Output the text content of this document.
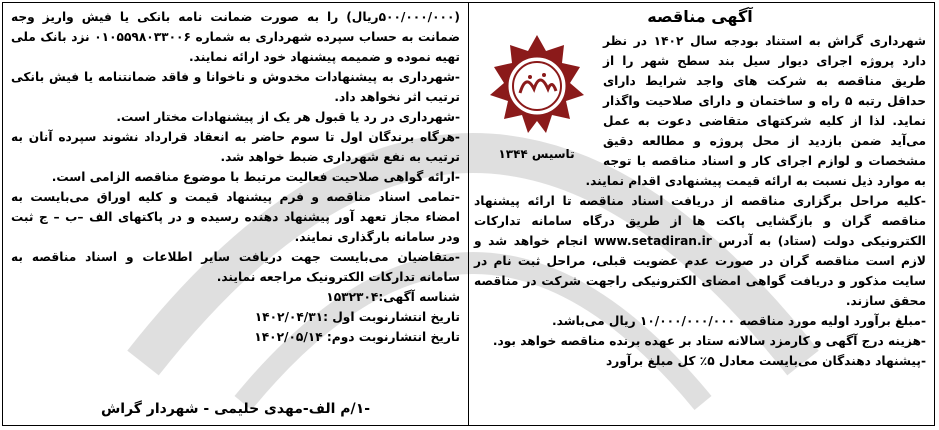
آگهی مناقصه
تاسیس ۱۳۴۴

شهرداری گراش به استناد بودجه سال ۱۴۰۲ در نظر دارد پروژه اجرای دیوار سیل بند سطح شهر را از طریق مناقصه به شرکت های واجد شرایط دارای حداقل رتبه ۵ راه و ساختمان و دارای صلاحیت واگذار نماید. لذا از کلیه شرکتهای متقاضی دعوت به عمل می‌آید ضمن بازدید از محل پروژه و مطالعه دقیق مشخصات و لوازم اجرای کار و اسناد مناقصه با توجه به موارد ذیل نسبت به ارائه قیمت پیشنهادی اقدام نمایند.

-کلیه مراحل برگزاری مناقصه از دریافت اسناد مناقصه تا ارائه پیشنهاد مناقصه گران و بازگشایی پاکت ها از طریق درگاه سامانه تدارکات الکترونیکی دولت (ستاد) به آدرس www.setadiran.ir انجام خواهد شد و لازم است مناقصه گران در صورت عدم عضویت قبلی، مراحل ثبت نام در سایت مذکور و دریافت گواهی امضای الکترونیکی راجهت شرکت در مناقصه محقق سازند.

-مبلغ برآورد اولیه مورد مناقصه ۱۰/۰۰۰/۰۰۰/۰۰۰ ریال می‌باشد.

-هزینه درج آگهی و کارمزد سالانه ستاد بر عهده برنده مناقصه خواهد بود.

-پیشنهاد دهندگان می‌بایست معادل ۵٪ کل مبلغ برآورد

(۵۰۰/۰۰۰/۰۰۰ریال) را به صورت ضمانت نامه بانکی یا فیش واریز وجه ضمانت به حساب سپرده شهرداری به شماره ۰۱۰۵۵۹۸۰۳۳۰۰۶ نزد بانک ملی تهیه نموده و ضمیمه پیشنهاد خود ارائه نمایند.

-شهرداری به پیشنهادات مخدوش و ناخوانا و فاقد ضمانتنامه یا فیش بانکی ترتیب اثر نخواهد داد.

-شهرداری در رد یا قبول هر یک از پیشنهادات مختار است.

-هرگاه برندگان اول تا سوم حاضر به انعقاد قرارداد نشوند سپرده آنان به ترتیب به نفع شهرداری ضبط خواهد شد.

-ارائه گواهی صلاحیت فعالیت مرتبط با موضوع مناقصه الزامی است.

-تمامی اسناد مناقصه و فرم پیشنهاد قیمت و کلیه اوراق می‌بایست به امضاء مجاز تعهد آور پیشنهاد دهنده رسیده و در پاکتهای الف –ب – ج ثبت ودر سامانه بارگذاری نمایند.

-متقاضیان می‌بایست جهت دریافت سایر اطلاعات و اسناد مناقصه به سامانه تدارکات الکترونیک مراجعه نمایند.

شناسه آگهی:۱۵۳۲۳۰۴

تاریخ انتشارنوبت اول :۱۴۰۲/۰۴/۳۱

تاریخ انتشارنوبت دوم: ۱۴۰۲/۰۵/۱۴

-۱/م الف-مهدی حلیمی - شهردار گراش
